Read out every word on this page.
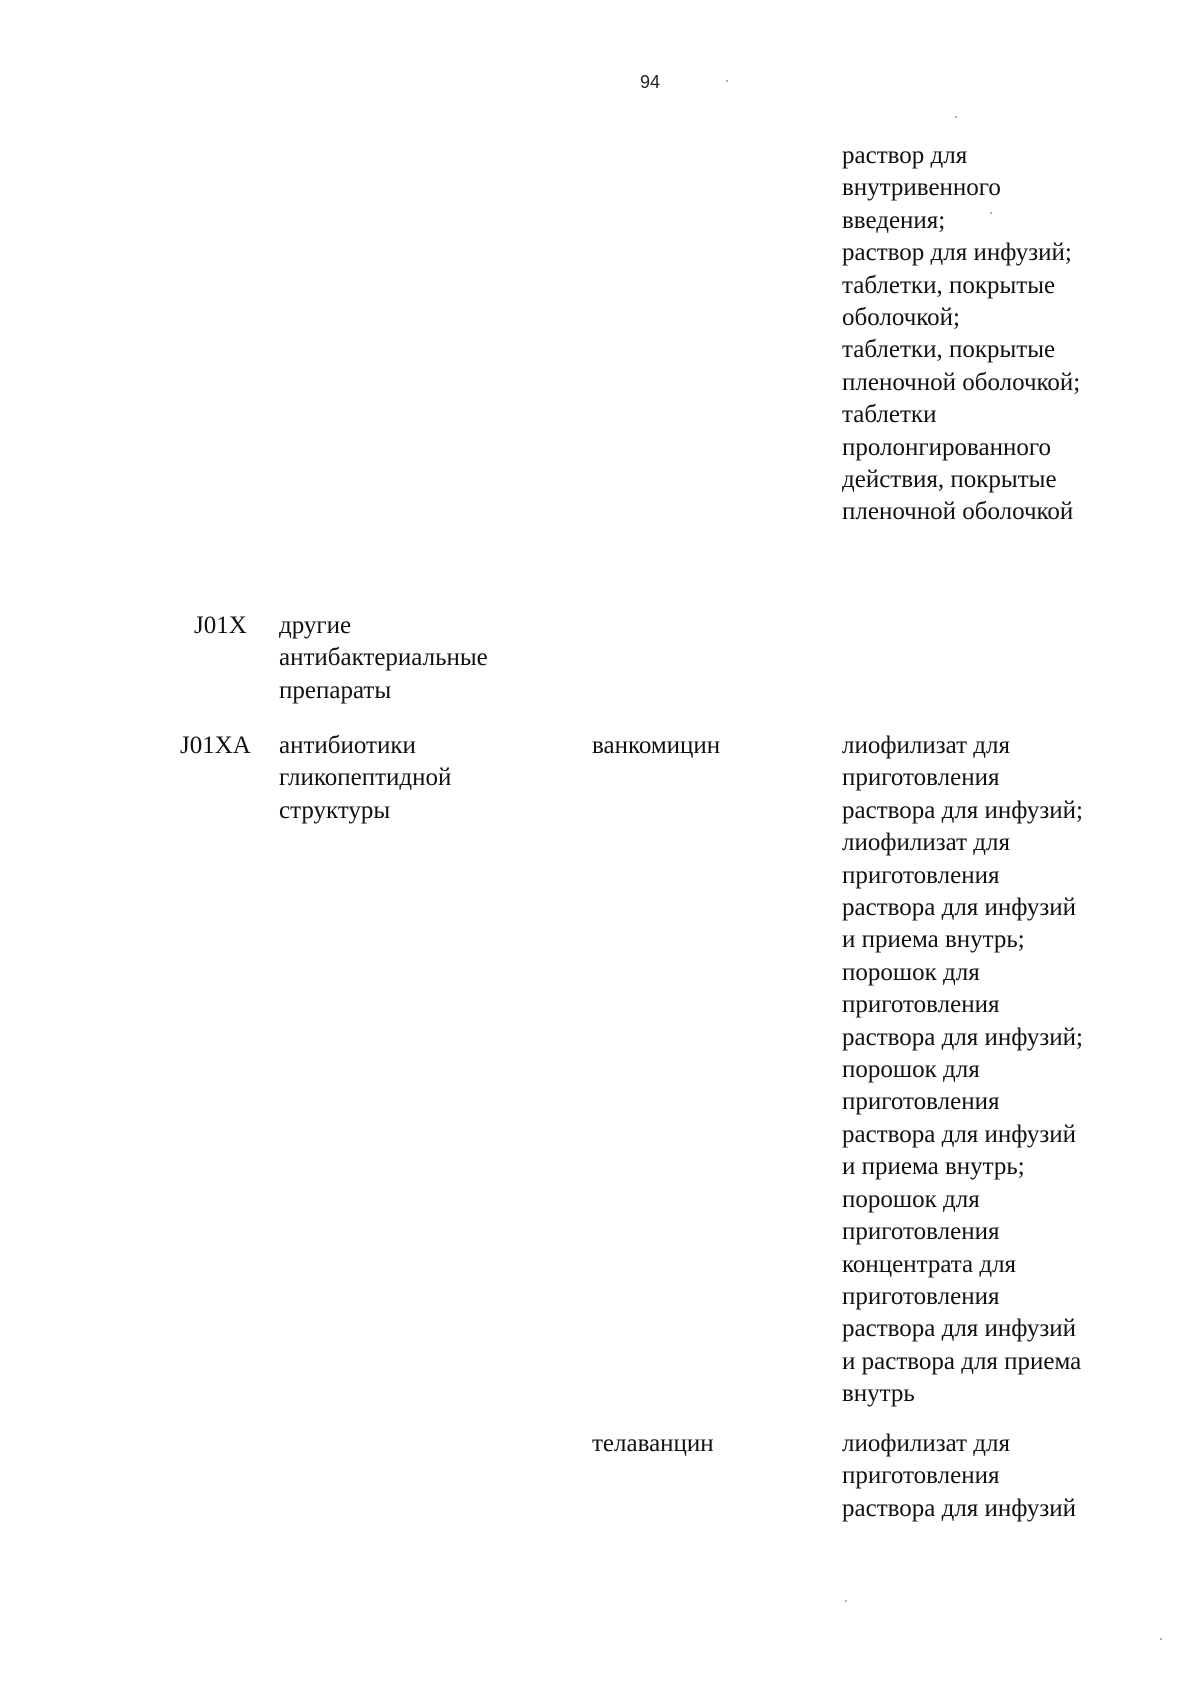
94
раствор для
внутривенного
введения;
раствор для инфузий;
таблетки, покрытые
оболочкой;
таблетки, покрытые
пленочной оболочкой;
таблетки
пролонгированного
действия, покрытые
пленочной оболочкой
J01X другие
антибактериальные
препараты
J01XA антибиотики
гликопептидной
структуры
ванкомицин	лиофилизат для
приготовления
раствора для инфузий;
лиофилизат для
приготовления
раствора для инфузий
и приема внутрь;
порошок для
приготовления
раствора для инфузий;
порошок для
приготовления
раствора для инфузий
и приема внутрь;
порошок для
приготовления
концентрата для
приготовления
раствора для инфузий
и раствора для приема
внутрь
телаванцин	лиофилизат для
приготовления
раствора для инфузий
